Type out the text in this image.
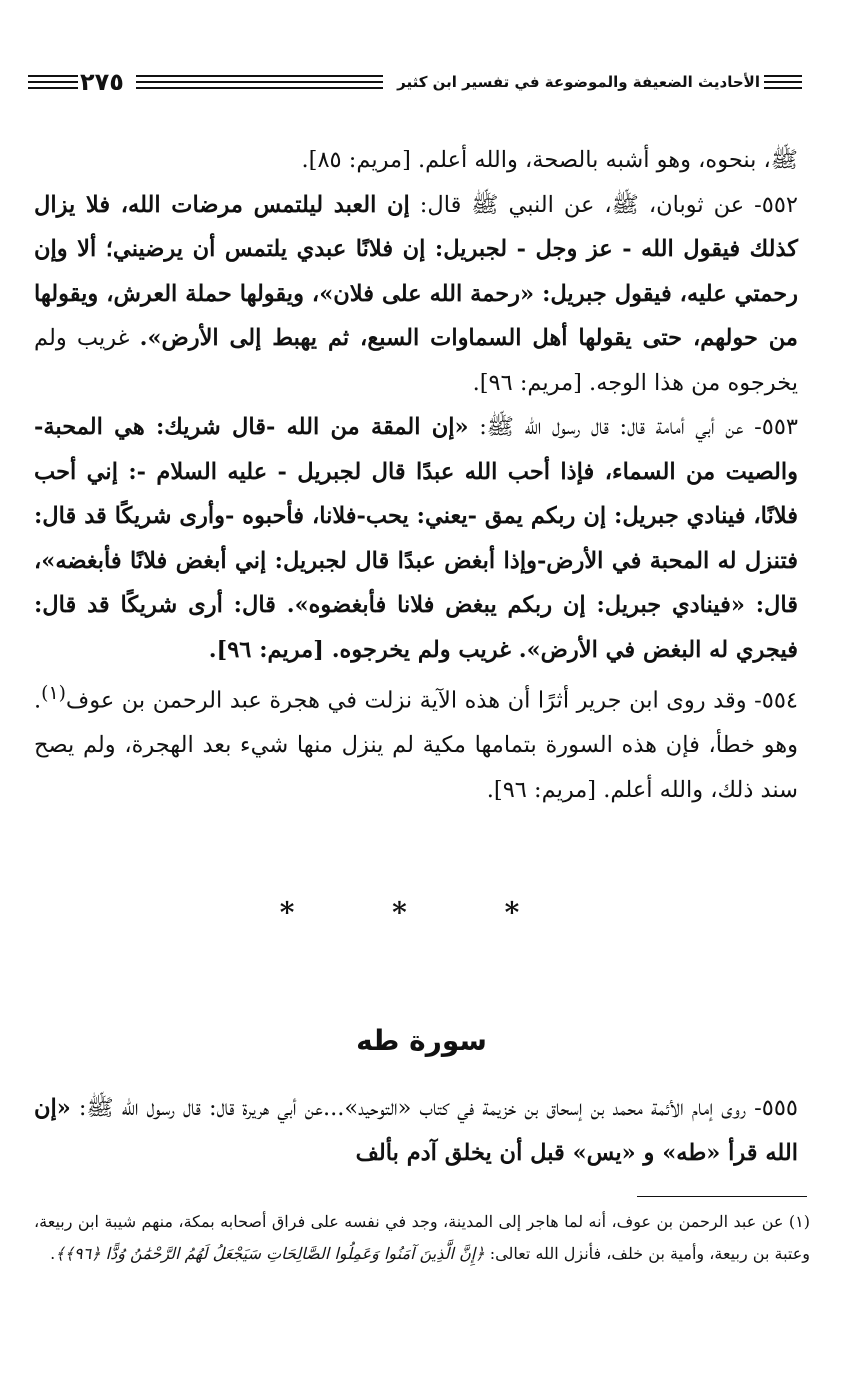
الأحاديث الضعيفة والموضوعة في تفسير ابن كثير
٢٧٥

ﷺ، بنحوه، وهو أشبه بالصحة، والله أعلم. [مريم: ٨٥].

٥٥٢- عن ثوبان، ﷺ، عن النبي ﷺ قال: إن العبد ليلتمس مرضات الله، فلا يزال كذلك فيقول الله - عز وجل - لجبريل: إن فلانًا عبدي يلتمس أن يرضيني؛ ألا وإن رحمتي عليه، فيقول جبريل: «رحمة الله على فلان»، ويقولها حملة العرش، ويقولها من حولهم، حتى يقولها أهل السماوات السبع، ثم يهبط إلى الأرض». غريب ولم يخرجوه من هذا الوجه. [مريم: ٩٦].

٥٥٣- عن أبي أمامة قال: قال رسول الله ﷺ: «إن المقة من الله -قال شريك: هي المحبة-والصيت من السماء، فإذا أحب الله عبدًا قال لجبريل - عليه السلام -: إني أحب فلانًا، فينادي جبريل: إن ربكم يمق -يعني: يحب-فلانا، فأحبوه -وأرى شريكًا قد قال: فتنزل له المحبة في الأرض-وإذا أبغض عبدًا قال لجبريل: إني أبغض فلانًا فأبغضه»، قال: «فينادي جبريل: إن ربكم يبغض فلانا فأبغضوه». قال: أرى شريكًا قد قال: فيجري له البغض في الأرض». غريب ولم يخرجوه. [مريم: ٩٦].

٥٥٤- وقد روى ابن جرير أثرًا أن هذه الآية نزلت في هجرة عبد الرحمن بن عوف$^{(١)}$. وهو خطأ، فإن هذه السورة بتمامها مكية لم ينزل منها شيء بعد الهجرة، ولم يصح سند ذلك، والله أعلم. [مريم: ٩٦].

* * *
سورة طه

٥٥٥- روى إمام الأئمة محمد بن إسحاق بن خزيمة في كتاب «التوحيد»...عن أبي هريرة قال: قال رسول الله ﷺ: «إن الله قرأ «طه» و «يس» قبل أن يخلق آدم بألف

(١) عن عبد الرحمن بن عوف، أنه لما هاجر إلى المدينة، وجد في نفسه على فراق أصحابه بمكة، منهم شيبة ابن ربيعة، وعتبة بن ربيعة، وأمية بن خلف، فأنزل الله تعالى: ﴿إِنَّ الَّذِينَ آمَنُوا وَعَمِلُوا الصَّالِحَاتِ سَيَجْعَلُ لَهُمُ الرَّحْمَٰنُ وُدًّا ﴿٩٦﴾﴾.
